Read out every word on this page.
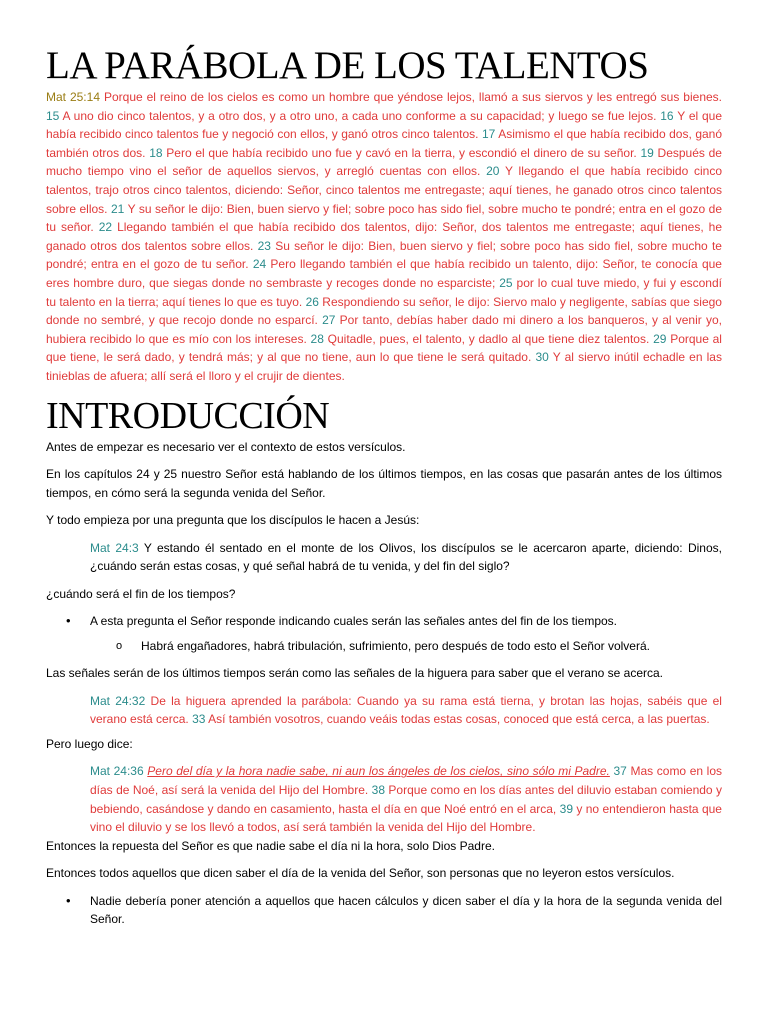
LA PARÁBOLA DE LOS TALENTOS
Mat 25:14 Porque el reino de los cielos es como un hombre que yéndose lejos, llamó a sus siervos y les entregó sus bienes. 15 A uno dio cinco talentos, y a otro dos, y a otro uno, a cada uno conforme a su capacidad; y luego se fue lejos. 16 Y el que había recibido cinco talentos fue y negoció con ellos, y ganó otros cinco talentos. 17 Asimismo el que había recibido dos, ganó también otros dos. 18 Pero el que había recibido uno fue y cavó en la tierra, y escondió el dinero de su señor. 19 Después de mucho tiempo vino el señor de aquellos siervos, y arregló cuentas con ellos. 20 Y llegando el que había recibido cinco talentos, trajo otros cinco talentos, diciendo: Señor, cinco talentos me entregaste; aquí tienes, he ganado otros cinco talentos sobre ellos. 21 Y su señor le dijo: Bien, buen siervo y fiel; sobre poco has sido fiel, sobre mucho te pondré; entra en el gozo de tu señor. 22 Llegando también el que había recibido dos talentos, dijo: Señor, dos talentos me entregaste; aquí tienes, he ganado otros dos talentos sobre ellos. 23 Su señor le dijo: Bien, buen siervo y fiel; sobre poco has sido fiel, sobre mucho te pondré; entra en el gozo de tu señor. 24 Pero llegando también el que había recibido un talento, dijo: Señor, te conocía que eres hombre duro, que siegas donde no sembraste y recoges donde no esparciste; 25 por lo cual tuve miedo, y fui y escondí tu talento en la tierra; aquí tienes lo que es tuyo. 26 Respondiendo su señor, le dijo: Siervo malo y negligente, sabías que siego donde no sembré, y que recojo donde no esparcí. 27 Por tanto, debías haber dado mi dinero a los banqueros, y al venir yo, hubiera recibido lo que es mío con los intereses. 28 Quitadle, pues, el talento, y dadlo al que tiene diez talentos. 29 Porque al que tiene, le será dado, y tendrá más; y al que no tiene, aun lo que tiene le será quitado. 30 Y al siervo inútil echadle en las tinieblas de afuera; allí será el lloro y el crujir de dientes.
INTRODUCCIÓN

Antes de empezar es necesario ver el contexto de estos versículos.

En los capítulos 24 y 25 nuestro Señor está hablando de los últimos tiempos, en las cosas que pasarán antes de los últimos tiempos, en cómo será la segunda venida del Señor.

Y todo empieza por una pregunta que los discípulos le hacen a Jesús:

Mat 24:3 Y estando él sentado en el monte de los Olivos, los discípulos se le acercaron aparte, diciendo: Dinos, ¿cuándo serán estas cosas, y qué señal habrá de tu venida, y del fin del siglo?

¿cuándo será el fin de los tiempos?

• A esta pregunta el Señor responde indicando cuales serán las señales antes del fin de los tiempos.
o Habrá engañadores, habrá tribulación, sufrimiento, pero después de todo esto el Señor volverá.

Las señales serán de los últimos tiempos serán como las señales de la higuera para saber que el verano se acerca.

Mat 24:32 De la higuera aprended la parábola: Cuando ya su rama está tierna, y brotan las hojas, sabéis que el verano está cerca. 33 Así también vosotros, cuando veáis todas estas cosas, conoced que está cerca, a las puertas.

Pero luego dice:

Mat 24:36 Pero del día y la hora nadie sabe, ni aun los ángeles de los cielos, sino sólo mi Padre. 37 Mas como en los días de Noé, así será la venida del Hijo del Hombre. 38 Porque como en los días antes del diluvio estaban comiendo y bebiendo, casándose y dando en casamiento, hasta el día en que Noé entró en el arca, 39 y no entendieron hasta que vino el diluvio y se los llevó a todos, así será también la venida del Hijo del Hombre.

Entonces la repuesta del Señor es que nadie sabe el día ni la hora, solo Dios Padre.

Entonces todos aquellos que dicen saber el día de la venida del Señor, son personas que no leyeron estos versículos.

• Nadie debería poner atención a aquellos que hacen cálculos y dicen saber el día y la hora de la segunda venida del Señor.
